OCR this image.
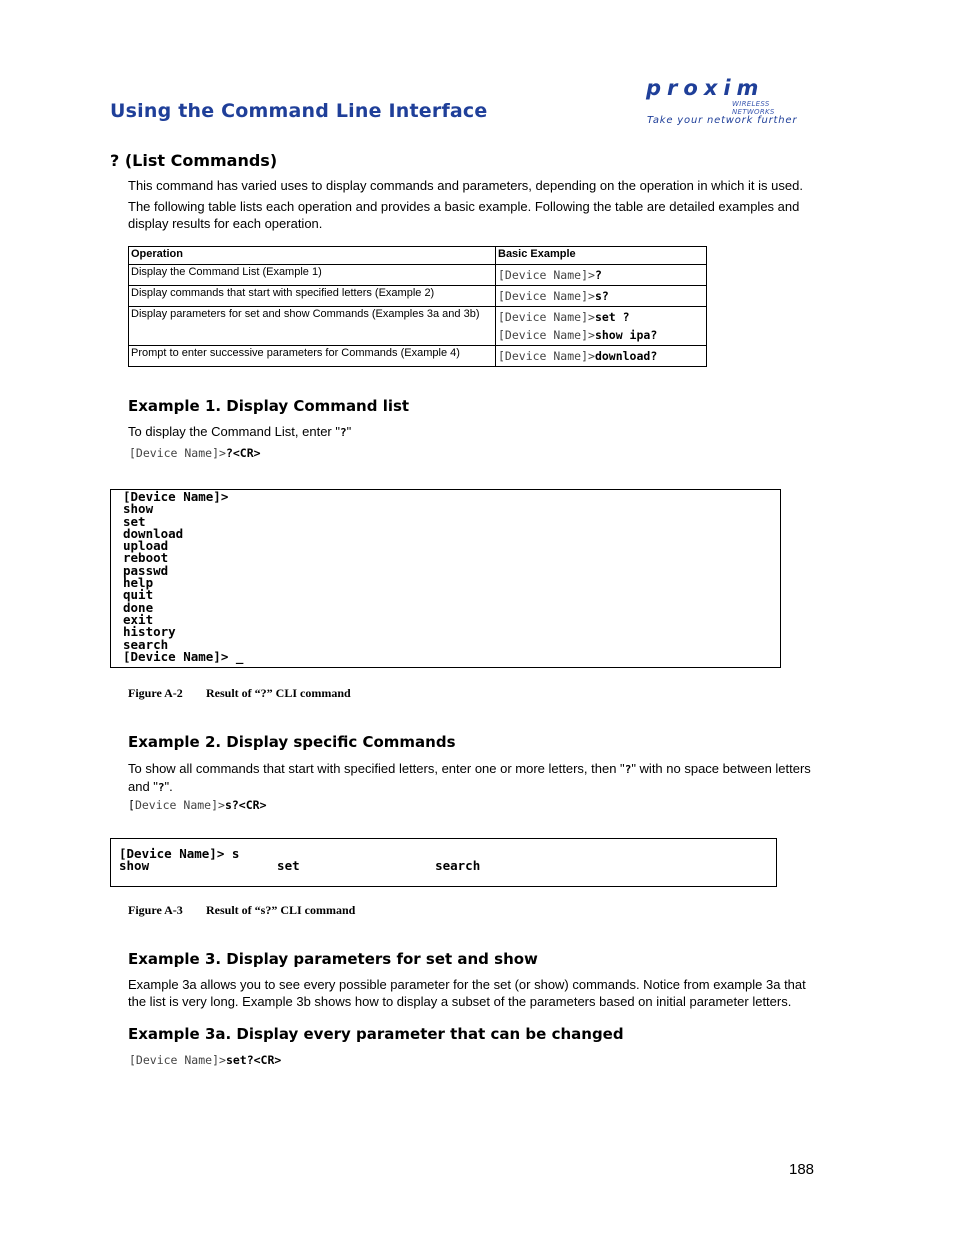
Using the Command Line Interface
proxim
WIRELESS NETWORKS
Take your network further
? (List Commands)
This command has varied uses to display commands and parameters, depending on the operation in which it is used.
The following table lists each operation and provides a basic example. Following the table are detailed examples and display results for each operation.
Operation	Basic Example

Display the Command List (Example 1)	[Device Name]>?

Display commands that start with specified letters (Example 2)	[Device Name]>s?

Display parameters for set and show Commands (Examples 3a and 3b)	[Device Name]>set ?
[Device Name]>show ipa?

Prompt to enter successive parameters for Commands (Example 4)	[Device Name]>download?
Example 1. Display Command list
To display the Command List, enter "?"
[Device Name]>?<CR>
[Device Name]>
show
set
download
upload
reboot
passwd
help
quit
done
exit
history
search
[Device Name]> _
Figure A-2 Result of “?” CLI command
Example 2. Display specific Commands
To show all commands that start with specified letters, enter one or more letters, then "?" with no space between letters and "?".
[Device Name]>s?<CR>
[Device Name]> s
show                 set                  search
Figure A-3 Result of “s?” CLI command
Example 3. Display parameters for set and show
Example 3a allows you to see every possible parameter for the set (or show) commands. Notice from example 3a that the list is very long. Example 3b shows how to display a subset of the parameters based on initial parameter letters.
Example 3a. Display every parameter that can be changed
[Device Name]>set?<CR>
188
